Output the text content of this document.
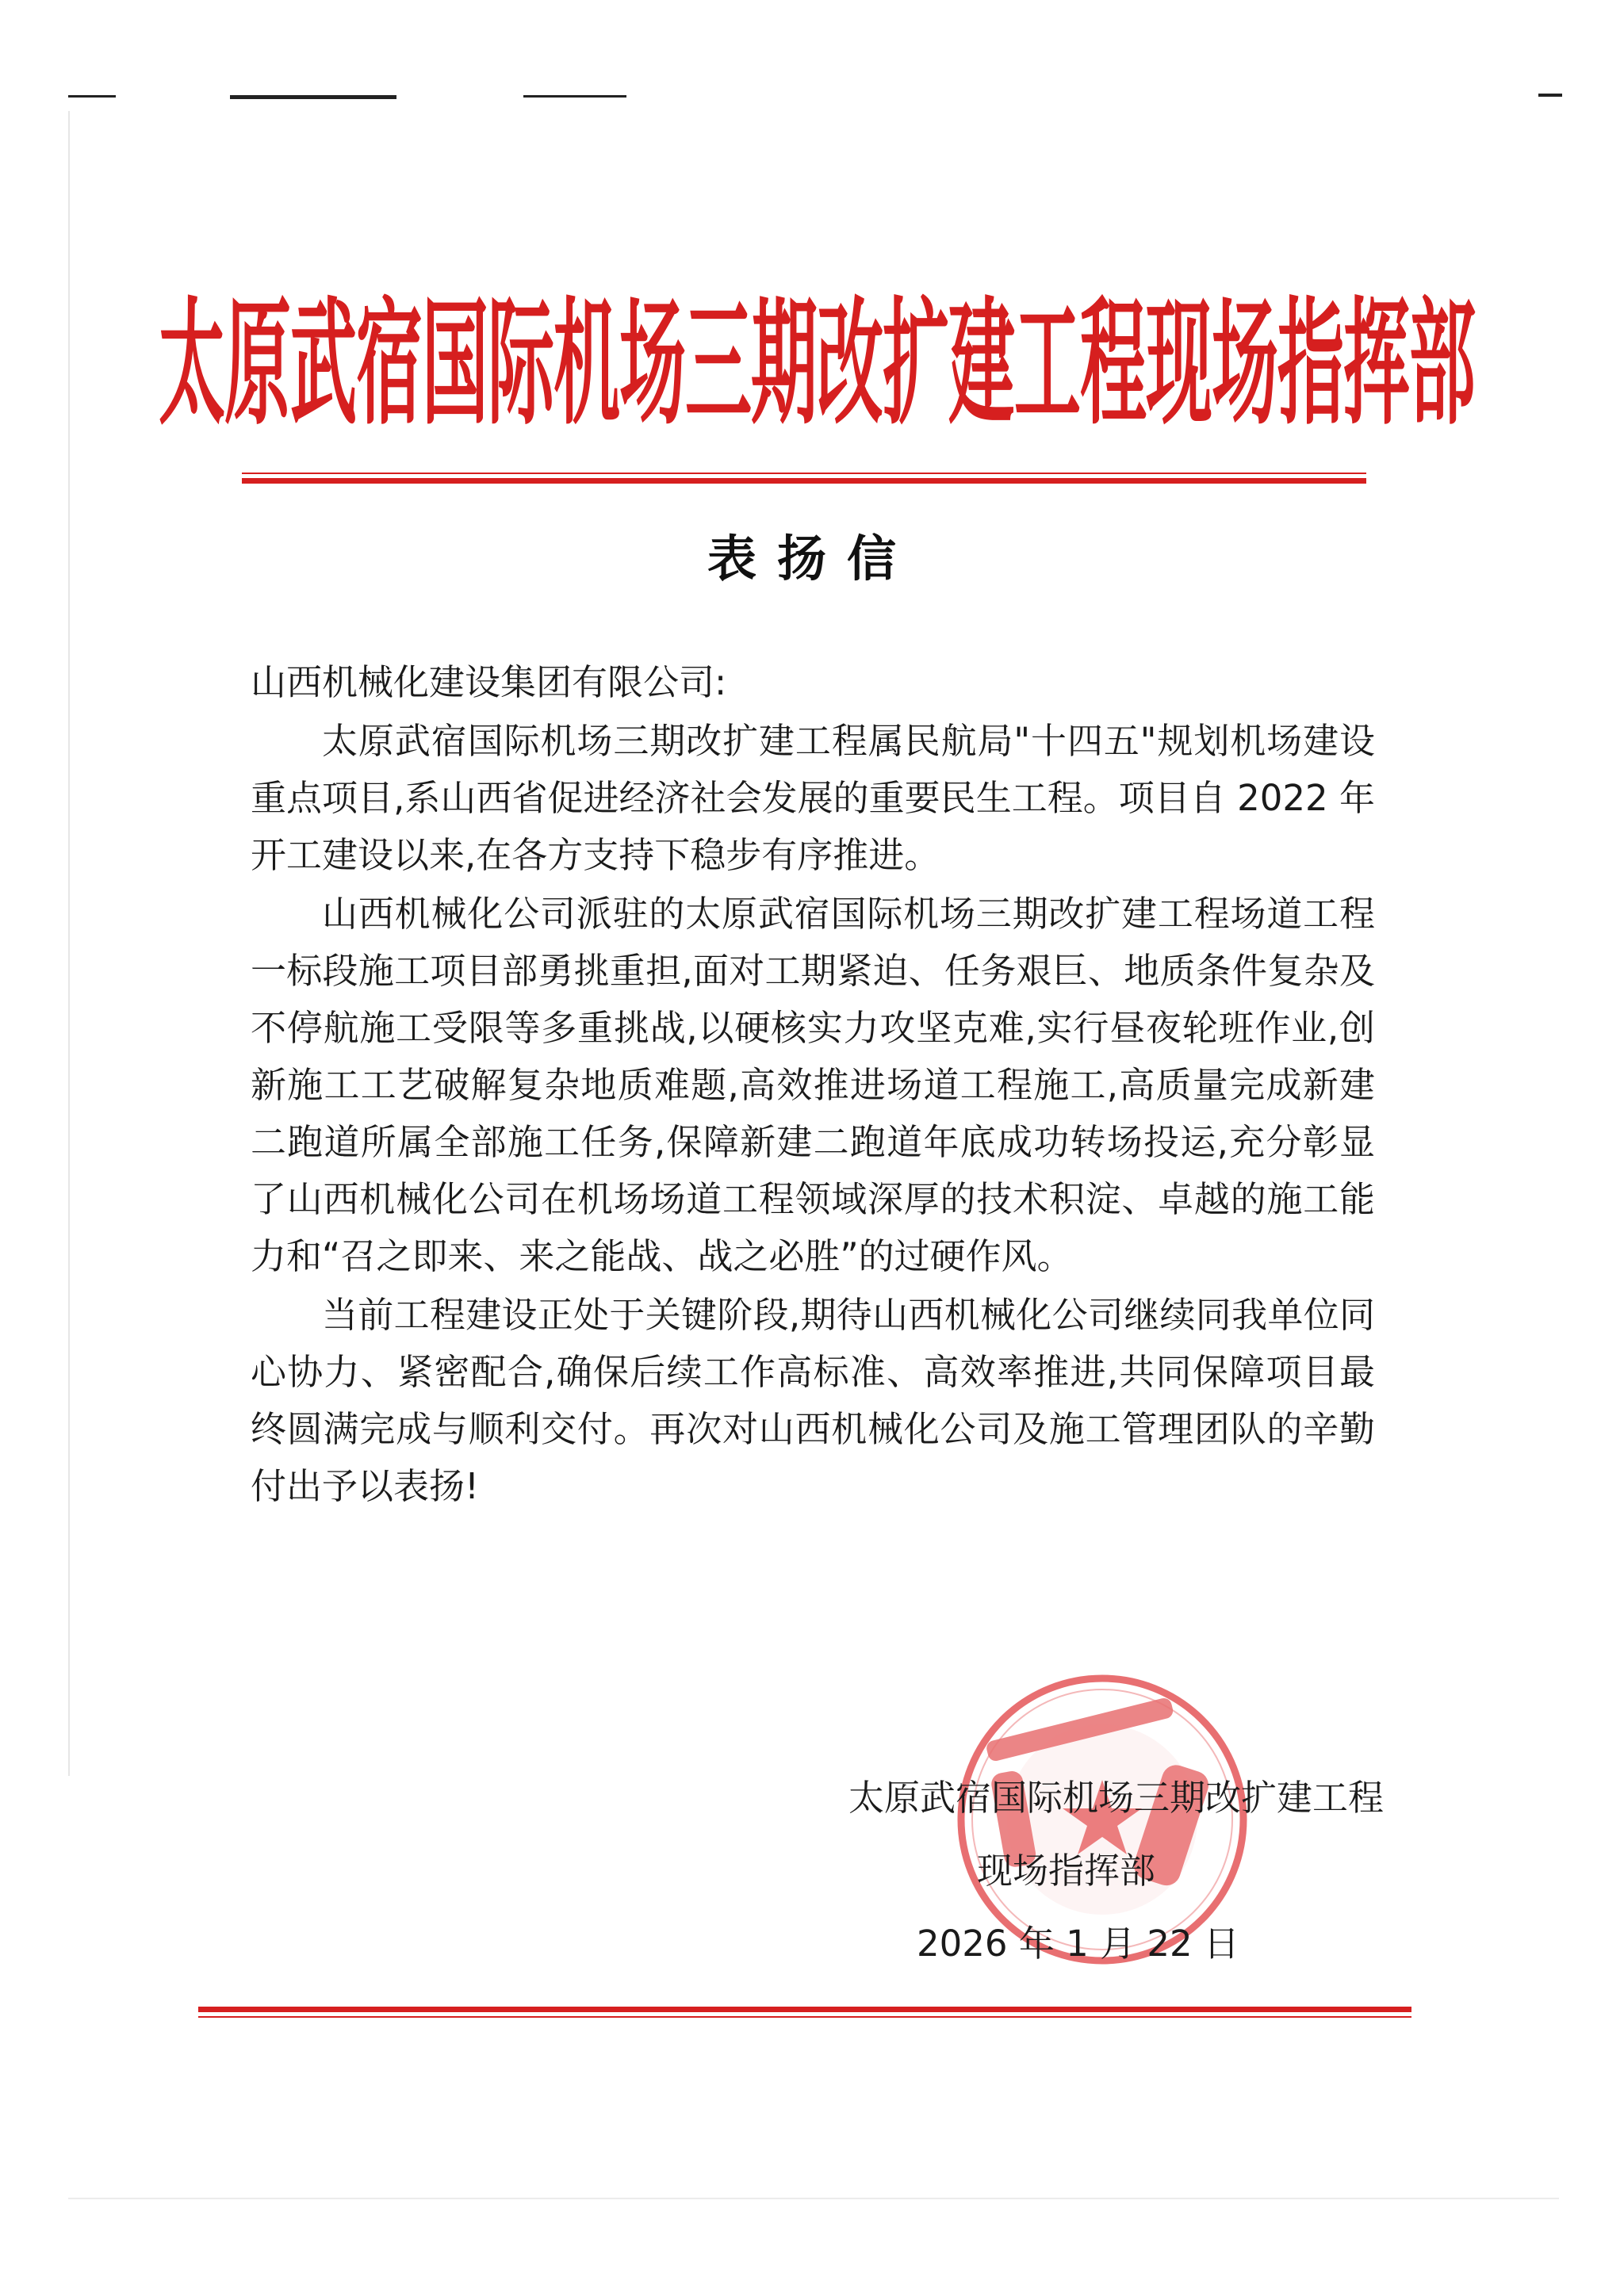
太原武宿国际机场三期改扩建工程现场指挥部
表扬信

山西机械化建设集团有限公司:

太原武宿国际机场三期改扩建工程属民航局"十四五"规划机场建设重点项目,系山西省促进经济社会发展的重要民生工程。项目自 2022 年开工建设以来,在各方支持下稳步有序推进。

山西机械化公司派驻的太原武宿国际机场三期改扩建工程场道工程一标段施工项目部勇挑重担,面对工期紧迫、任务艰巨、地质条件复杂及不停航施工受限等多重挑战,以硬核实力攻坚克难,实行昼夜轮班作业,创新施工工艺破解复杂地质难题,高效推进场道工程施工,高质量完成新建二跑道所属全部施工任务,保障新建二跑道年底成功转场投运,充分彰显了山西机械化公司在机场场道工程领域深厚的技术积淀、卓越的施工能力和“召之即来、来之能战、战之必胜”的过硬作风。

当前工程建设正处于关键阶段,期待山西机械化公司继续同我单位同心协力、紧密配合,确保后续工作高标准、高效率推进,共同保障项目最终圆满完成与顺利交付。再次对山西机械化公司及施工管理团队的辛勤付出予以表扬!

太原武宿国际机场三期改扩建工程
现场指挥部
2026 年 1 月 22 日
